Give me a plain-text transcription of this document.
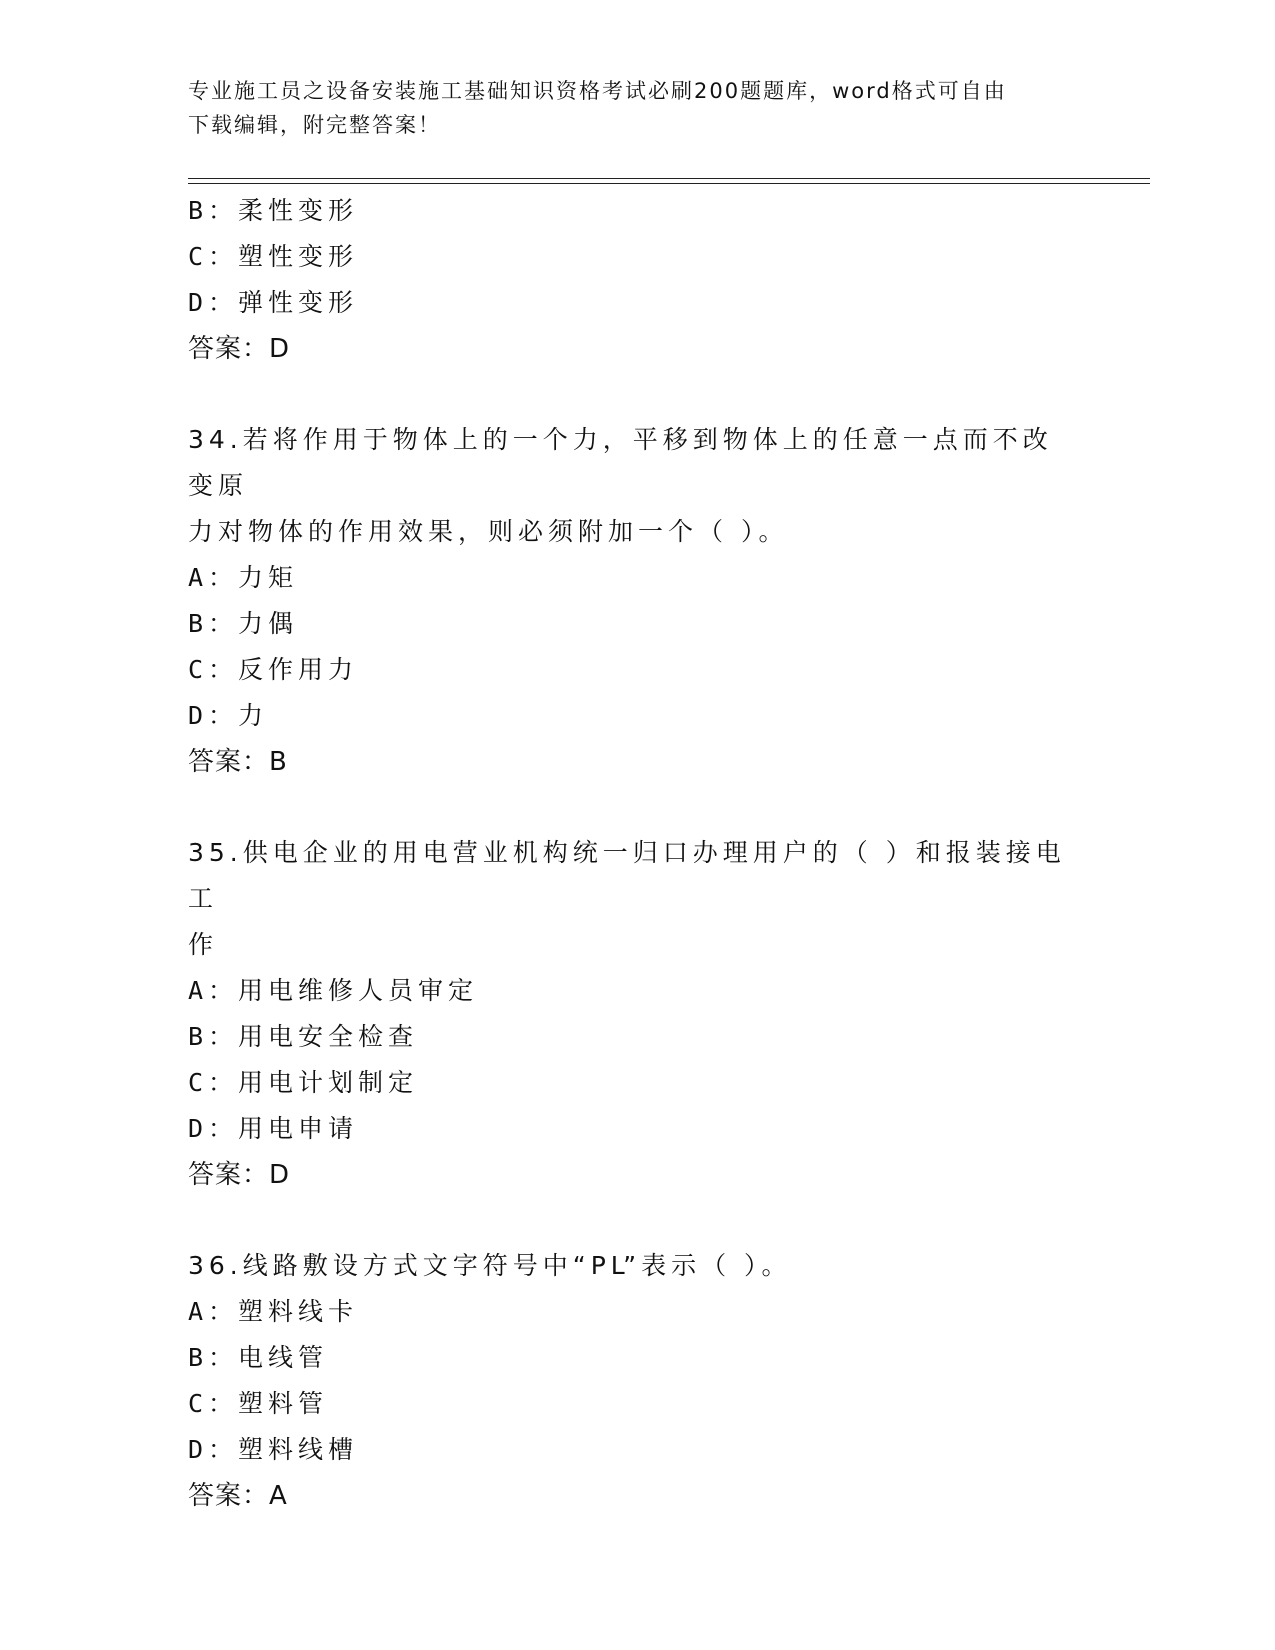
专业施工员之设备安装施工基础知识资格考试必刷200题题库，word格式可自由
下载编辑，附完整答案！
B：柔性变形
C：塑性变形
D：弹性变形
答案：D
34.若将作用于物体上的一个力，平移到物体上的任意一点而不改变原
力对物体的作用效果，则必须附加一个（ ）。
A：力矩
B：力偶
C：反作用力
D：力
答案：B
35.供电企业的用电营业机构统一归口办理用户的（ ）和报装接电工
作
A：用电维修人员审定
B：用电安全检查
C：用电计划制定
D：用电申请
答案：D
36.线路敷设方式文字符号中“PL”表示（ ）。
A：塑料线卡
B：电线管
C：塑料管
D：塑料线槽
答案：A
